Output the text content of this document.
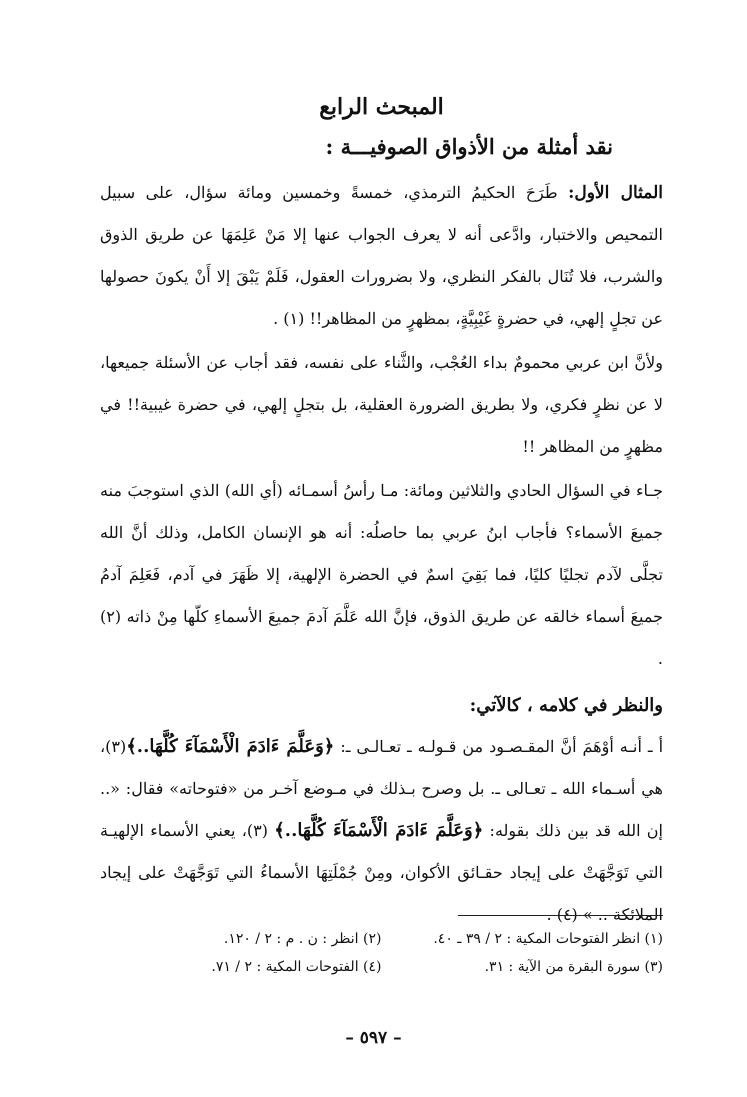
المبحث الرابع
نقد أمثلة من الأذواق الصوفيـــة :

المثال الأول: طَرَحَ الحكيمُ الترمذي، خمسةً وخمسين ومائة سؤال، على سبيل التمحيص والاختبار، وادَّعى أنه لا يعرف الجواب عنها إلا مَنْ عَلِمَهَا عن طريق الذوق والشرب، فلا تُنَال بالفكر النظري، ولا بضرورات العقول، فَلَمْ يَبْقَ إلا أَنْ يكونَ حصولها عن تجلٍ إلهي، في حضرةٍ غَيْبِيَّةٍ، بمظهرٍ من المظاهر!! (١) .

ولأنَّ ابن عربي محمومٌ بداء العُجْب، والثَّناء على نفسه، فقد أجاب عن الأسئلة جميعها، لا عن نظرٍ فكري، ولا بطريق الضرورة العقلية، بل بتجلٍ إلهي، في حضرة غيبية!! في مظهرٍ من المظاهر !!

جـاء في السؤال الحادي والثلاثين ومائة: مـا رأسُ أسمـائه (أي الله) الذي استوجبَ منه جميعَ الأسماء؟ فأجاب ابنُ عربي بما حاصلُه: أنه هو الإنسان الكامل، وذلك أنَّ الله تجلَّى لآدم تجليًا كليًا، فما بَقِيَ اسمٌ في الحضرة الإلهية، إلا ظَهَرَ في آدم، فَعَلِمَ آدمُ جميعَ أسماء خالقه عن طريق الذوق، فإنَّ الله عَلَّمَ آدمَ جميعَ الأسماءِ كلّها مِنْ ذاته (٢) .

والنظر في كلامه ، كالآتي:

أ ـ أنـه أوْهَمَ أنَّ المقـصـود من قـولـه ـ تعـالـى ـ: ﴿وَعَلَّمَ ءَادَمَ الْأَسْمَآءَ كُلَّهَا..﴾(٣)، هي أسـماء الله ـ تعـالى ـ. بل وصرح بـذلك في مـوضع آخـر من «فتوحاته» فقال: «.. إن الله قد بين ذلك بقوله: ﴿وَعَلَّمَ ءَادَمَ الْأَسْمَآءَ كُلَّهَا..﴾ (٣)، يعني الأسماء الإلهيـة التي تَوَجَّهَتْ على إيجاد حقـائق الأكوان، ومِنْ جُمْلَتِهَا الأسماءُ التي تَوَجَّهَتْ على إيجاد الملائكة .. » (٤) .

(١) انظر الفتوحات المكية : ٢ / ٣٩ ـ ٤٠.
(٢) انظر : ن . م : ٢ / ١٢٠.
(٣) سورة البقرة من الآية : ٣١.
(٤) الفتوحات المكية : ٢ / ٧١.
– ٥٩٧ –
